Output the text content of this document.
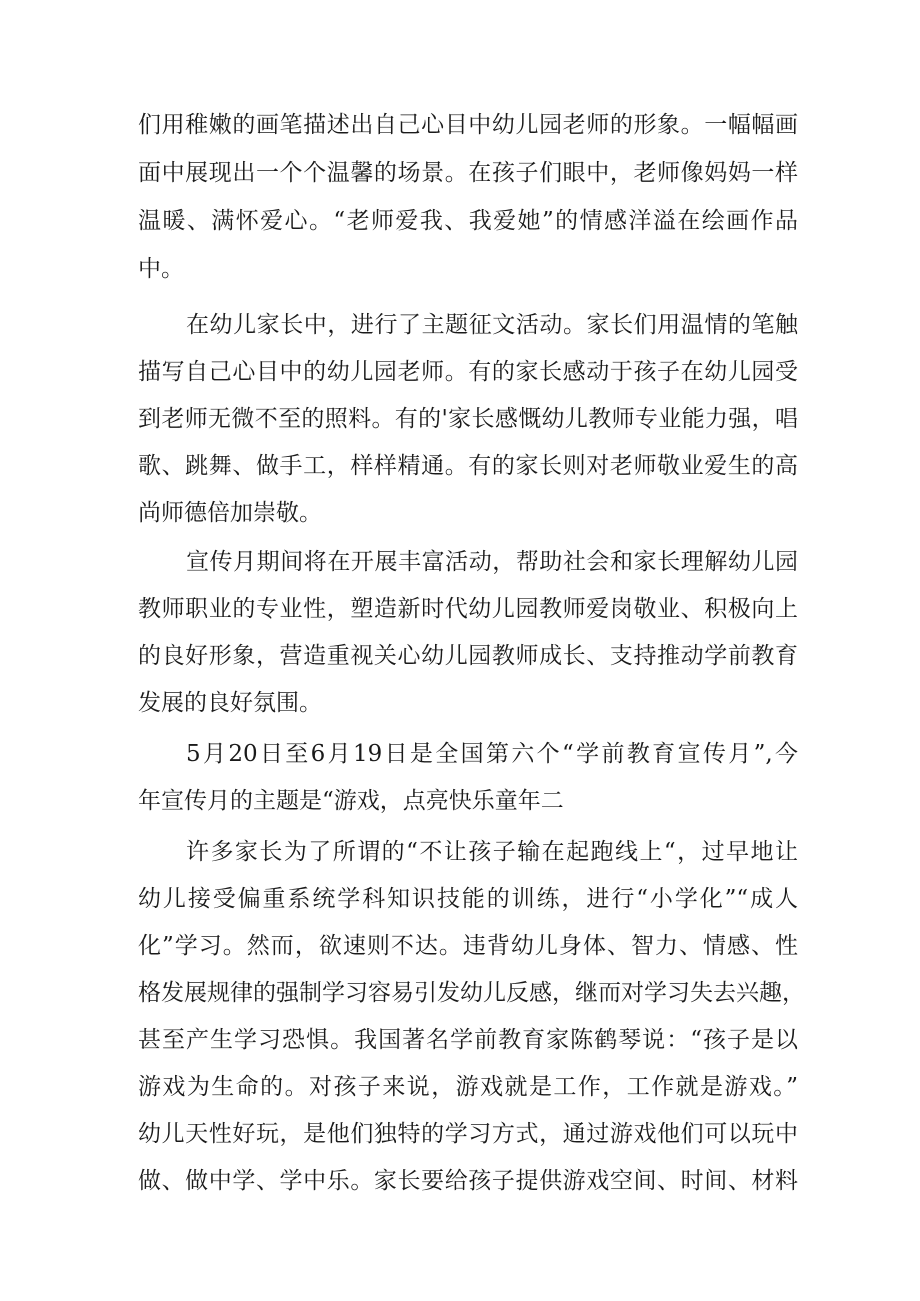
们用稚嫩的画笔描述出自己心目中幼儿园老师的形象。一幅幅画
面中展现出一个个温馨的场景。在孩子们眼中，老师像妈妈一样
温暖、满怀爱心。“老师爱我、我爱她”的情感洋溢在绘画作品
中。
在幼儿家长中，进行了主题征文活动。家长们用温情的笔触
描写自己心目中的幼儿园老师。有的家长感动于孩子在幼儿园受
到老师无微不至的照料。有的'家长感慨幼儿教师专业能力强，唱
歌、跳舞、做手工，样样精通。有的家长则对老师敬业爱生的高
尚师德倍加崇敬。
宣传月期间将在开展丰富活动，帮助社会和家长理解幼儿园
教师职业的专业性，塑造新时代幼儿园教师爱岗敬业、积极向上
的良好形象，营造重视关心幼儿园教师成长、支持推动学前教育
发展的良好氛围。
5月20日至6月19日是全国第六个“学前教育宣传月”,今
年宣传月的主题是“游戏，点亮快乐童年二
许多家长为了所谓的“不让孩子输在起跑线上“，过早地让
幼儿接受偏重系统学科知识技能的训练，进行“小学化”“成人
化”学习。然而，欲速则不达。违背幼儿身体、智力、情感、性
格发展规律的强制学习容易引发幼儿反感，继而对学习失去兴趣，
甚至产生学习恐惧。我国著名学前教育家陈鹤琴说：“孩子是以
游戏为生命的。对孩子来说，游戏就是工作，工作就是游戏。”
幼儿天性好玩，是他们独特的学习方式，通过游戏他们可以玩中
做、做中学、学中乐。家长要给孩子提供游戏空间、时间、材料
